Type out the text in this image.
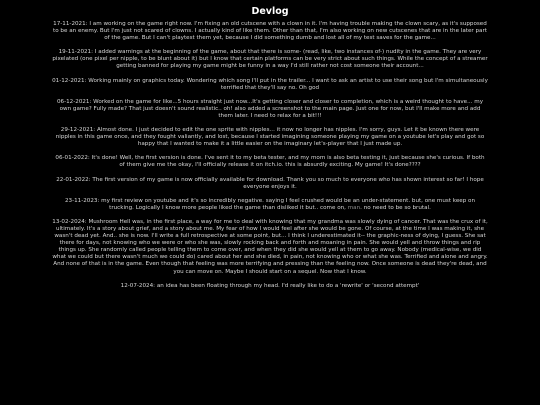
Devlog

17-11-2021: I am working on the game right now. I'm fixing an old cutscene with a clown in it. I'm having trouble making the clown scary, as it's supposed to be an enemy. But I'm just not scared of clowns. I actually kind of like them. Other than that, I'm also working on new cutscenes that are in the later part of the game. But I can't playtest them yet, because I did something dumb and lost all of my test saves for the game...

19-11-2021: I added warnings at the beginning of the game, about that there is some- (read, like, two instances of-) nudity in the game. They are very pixelated (one pixel per nipple, to be blunt about it) but I know that certain platforms can be very strict about such things. While the concept of a streamer getting banned for playing my game might be funny in a way I'd still rather not cost someone their account...

01-12-2021: Working mainly on graphics today. Wondering which song I'll put in the trailer... I want to ask an artist to use their song but I'm simultaneously terrified that they'll say no. Oh god

06-12-2021: Worked on the game for like...5 hours straight just now...It's getting closer and closer to completion, which is a weird thought to have... my own game? Fully made? That just doesn't sound realistic.. oh! also added a screenshot to the main page. Just one for now, but I'll make more and add them later. I need to relax for a bit!!!

29-12-2021: Almost done. I just decided to edit the one sprite with nipples... it now no longer has nipples. I'm sorry, guys. Let it be known there were nipples in this game once, and they fought valiantly, and lost, because I started imagining someone playing my game on a youtube let's play and got so happy that I wanted to make it a little easier on the imaginary let's-player that I just made up.

06-01-2022: It's done! Well, the first version is done. I've sent it to my beta tester, and my mom is also beta testing it, just because she's curious. If both of them give me the okay, I'll officially release it on itch.io. this is absurdly exciting. My game! It's done????

22-01-2022: The first version of my game is now officially available for download. Thank you so much to everyone who has shown interest so far! I hope everyone enjoys it.

23-11-2023: my first review on youtube and it's so incredibly negative. saying I feel crushed would be an under-statement. but, one must keep on trucking. Logically I know more people liked the game than disliked it but.. come on, man. no need to be so brutal.

13-02-2024: Mushroom Hell was, in the first place, a way for me to deal with knowing that my grandma was slowly dying of cancer. That was the crux of it, ultimately. It's a story about grief, and a story about me. My fear of how I would feel after she would be gone. Of course, at the time I was making it, she wasn't dead yet. And.. she is now. I'll write a full retrospective at some point, but... I think I underestimated it-- the graphic-ness of dying, I guess. She sat there for days, not knowing who we were or who she was, slowly rocking back and forth and moaning in pain. She would yell and throw things and rip things up. She randomly called people telling them to come over, and when they did she would yell at them to go away. Nobody (medical-wise, we did what we could but there wasn't much we could do) cared about her and she died, in pain, not knowing who or what she was. Terrified and alone and angry. And none of that is in the game. Even though that feeling was more terrifying and pressing than the feeling now. Once someone is dead they're dead, and you can move on. Maybe I should start on a sequel. Now that I know.

12-07-2024: an idea has been floating through my head. I'd really like to do a 'rewrite' or 'second attempt'
